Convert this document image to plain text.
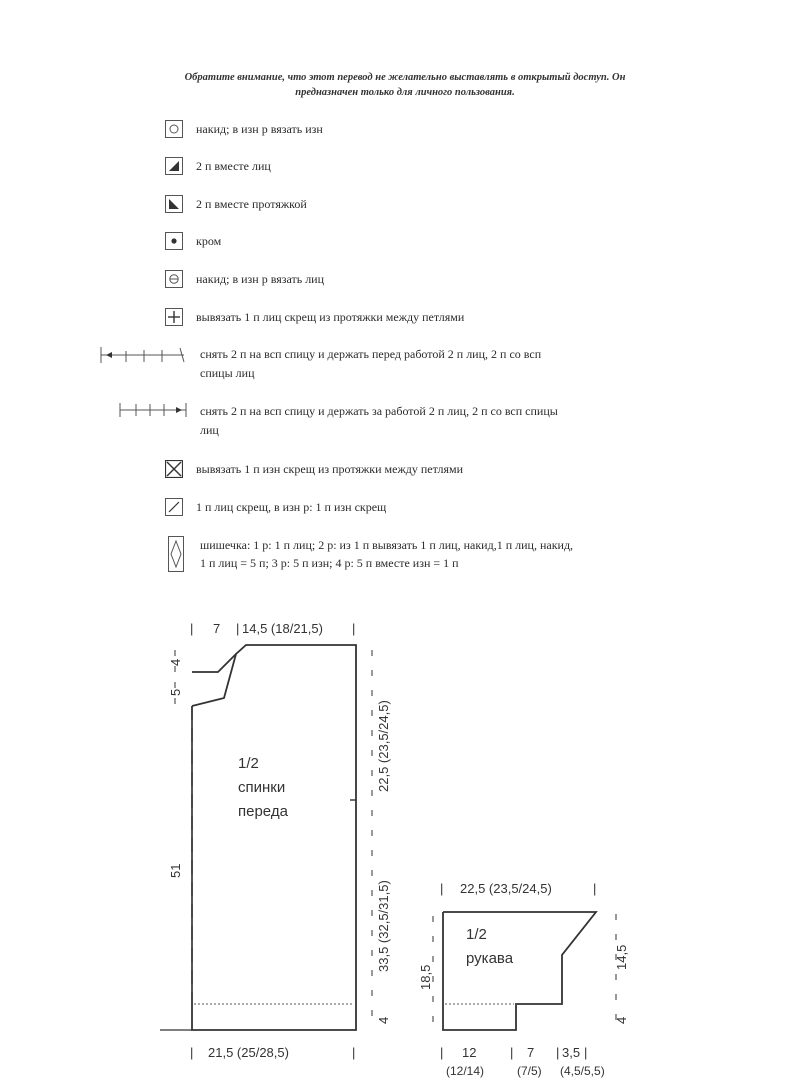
Обратите внимание, что этот перевод не желательно выставлять в открытый доступ. Он
предназначен только для личного пользования.
накид; в изн р вязать изн
2 п вместе лиц
2 п вместе протяжкой
кром
накид; в изн р вязать лиц
вывязать 1 п лиц скрещ из протяжки между петлями
снять 2 п на всп спицу и держать перед работой 2 п лиц, 2 п со всп
спицы лиц
снять 2 п на всп спицу и держать за работой 2 п лиц, 2 п со всп спицы
лиц
вывязать 1 п изн скрещ из протяжки между петлями
1 п лиц скрещ, в изн р: 1 п изн скрещ
шишечка: 1 р: 1 п лиц; 2 р: из 1 п вывязать 1 п лиц, накид,1 п лиц, накид,
1 п лиц = 5 п; 3 р: 5 п изн; 4 р: 5 п вместе изн = 1 п
1/2
спинки
переда
| 7 | 14,5 (18/21,5) |
4
5
51
22,5 (23,5/24,5)
33,5 (32,5/31,5)
4
| 21,5 (25/28,5)	|
1/2
рукава
| 22,5 (23,5/24,5)	|
18,5
14,5
4
| 12	| 7 | 3,5 |
(12/14)	(7/5) (4,5/5,5)
